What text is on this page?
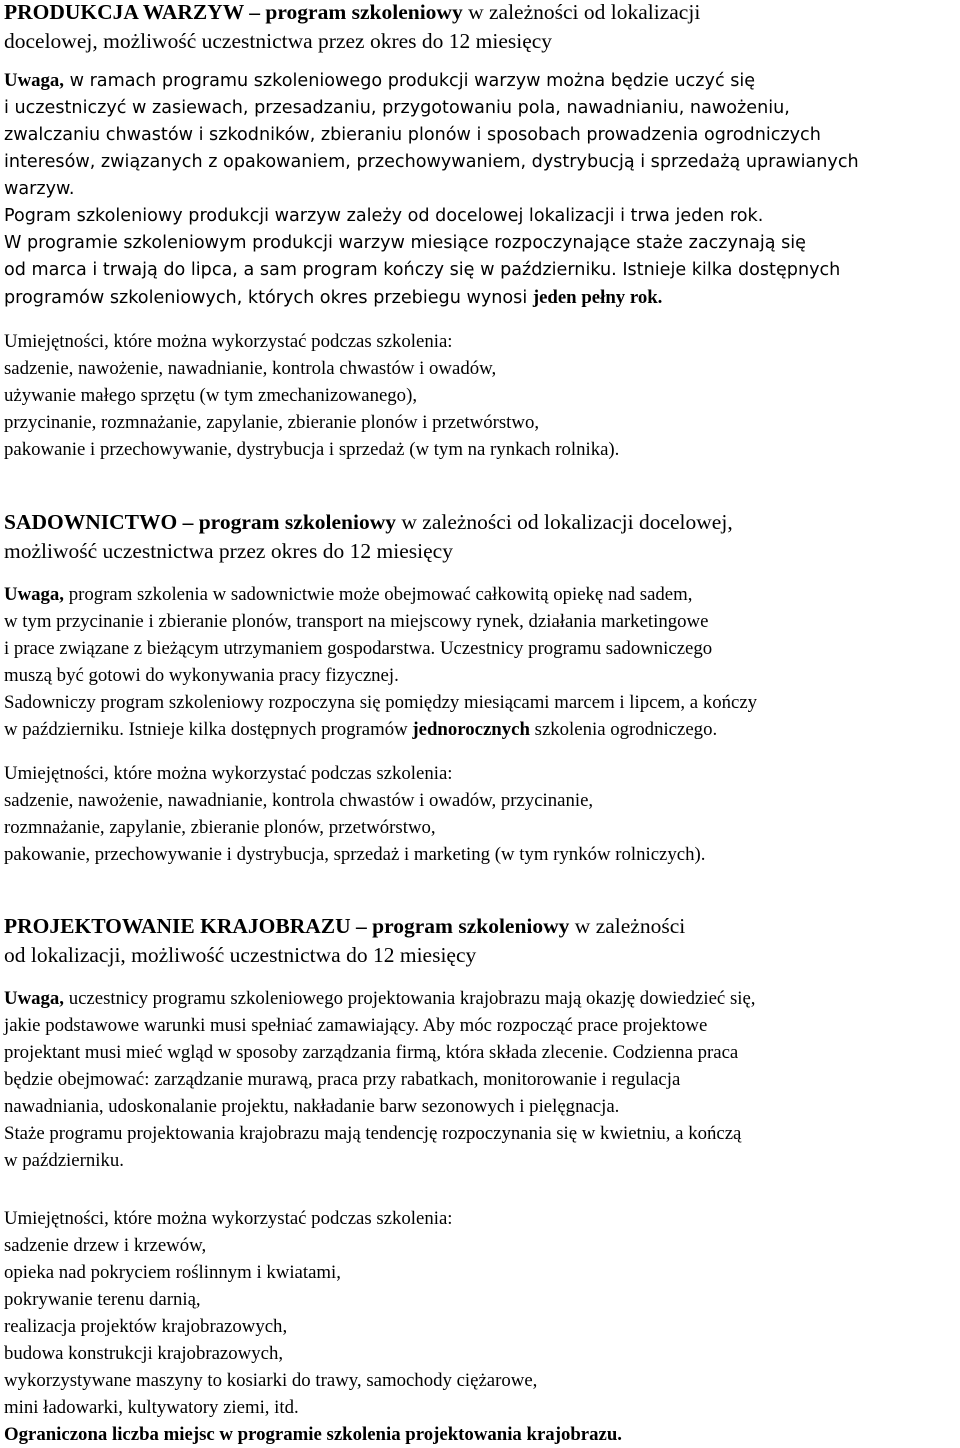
PRODUKCJA WARZYW – program szkoleniowy w zależności od lokalizacji
docelowej, możliwość uczestnictwa przez okres do 12 miesięcy
Uwaga, w ramach programu szkoleniowego produkcji warzyw można będzie uczyć się
i uczestniczyć w zasiewach, przesadzaniu, przygotowaniu pola, nawadnianiu, nawożeniu,
zwalczaniu chwastów i szkodników, zbieraniu plonów i sposobach prowadzenia ogrodniczych
interesów, związanych z opakowaniem, przechowywaniem, dystrybucją i sprzedażą uprawianych
warzyw.
Pogram szkoleniowy produkcji warzyw zależy od docelowej lokalizacji i trwa jeden rok.
W programie szkoleniowym produkcji warzyw miesiące rozpoczynające staże zaczynają się
od marca i trwają do lipca, a sam program kończy się w październiku. Istnieje kilka dostępnych
programów szkoleniowych, których okres przebiegu wynosi jeden pełny rok.
Umiejętności, które można wykorzystać podczas szkolenia:
sadzenie, nawożenie, nawadnianie, kontrola chwastów i owadów,
używanie małego sprzętu (w tym zmechanizowanego),
przycinanie, rozmnażanie, zapylanie, zbieranie plonów i przetwórstwo,
pakowanie i przechowywanie, dystrybucja i sprzedaż (w tym na rynkach rolnika).
SADOWNICTWO – program szkoleniowy w zależności od lokalizacji docelowej,
możliwość uczestnictwa przez okres do 12 miesięcy
Uwaga, program szkolenia w sadownictwie może obejmować całkowitą opiekę nad sadem,
w tym przycinanie i zbieranie plonów, transport na miejscowy rynek, działania marketingowe
i prace związane z bieżącym utrzymaniem gospodarstwa. Uczestnicy programu sadowniczego
muszą być gotowi do wykonywania pracy fizycznej.
Sadowniczy program szkoleniowy rozpoczyna się pomiędzy miesiącami marcem i lipcem, a kończy
w październiku. Istnieje kilka dostępnych programów jednorocznych szkolenia ogrodniczego.
Umiejętności, które można wykorzystać podczas szkolenia:
sadzenie, nawożenie, nawadnianie, kontrola chwastów i owadów, przycinanie,
rozmnażanie, zapylanie, zbieranie plonów, przetwórstwo,
pakowanie, przechowywanie i dystrybucja, sprzedaż i marketing (w tym rynków rolniczych).
PROJEKTOWANIE KRAJOBRAZU – program szkoleniowy w zależności
od lokalizacji, możliwość uczestnictwa do 12 miesięcy
Uwaga, uczestnicy programu szkoleniowego projektowania krajobrazu mają okazję dowiedzieć się,
jakie podstawowe warunki musi spełniać zamawiający. Aby móc rozpocząć prace projektowe
projektant musi mieć wgląd w sposoby zarządzania firmą, która składa zlecenie. Codzienna praca
będzie obejmować: zarządzanie murawą, praca przy rabatkach, monitorowanie i regulacja
nawadniania, udoskonalanie projektu, nakładanie barw sezonowych i pielęgnacja.
Staże programu projektowania krajobrazu mają tendencję rozpoczynania się w kwietniu, a kończą
w październiku.
Umiejętności, które można wykorzystać podczas szkolenia:
sadzenie drzew i krzewów,
opieka nad pokryciem roślinnym i kwiatami,
pokrywanie terenu darnią,
realizacja projektów krajobrazowych,
budowa konstrukcji krajobrazowych,
wykorzystywane maszyny to kosiarki do trawy, samochody ciężarowe,
mini ładowarki, kultywatory ziemi, itd.
Ograniczona liczba miejsc w programie szkolenia projektowania krajobrazu.
